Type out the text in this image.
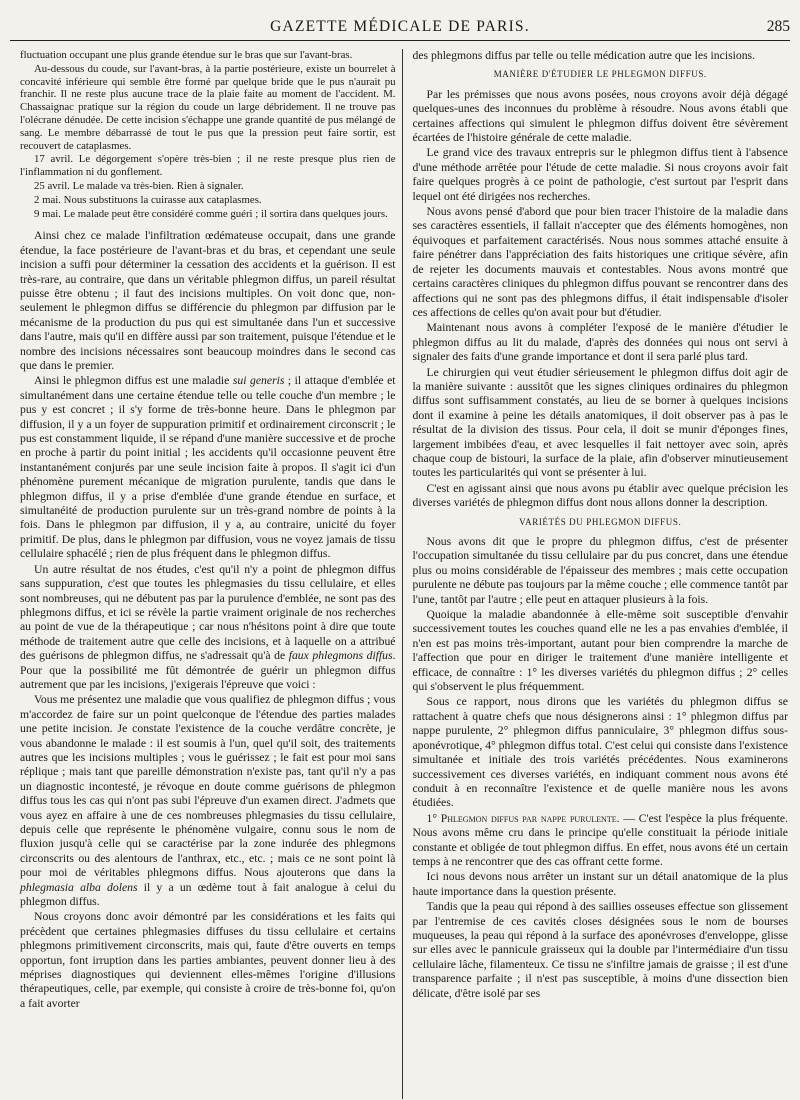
GAZETTE MÉDICALE DE PARIS.	285

fluctuation occupant une plus grande étendue sur le bras que sur l'avant-bras.

Au-dessous du coude, sur l'avant-bras, à la partie postérieure, existe un bourrelet à concavité inférieure qui semble être formé par quelque bride que le pus n'aurait pu franchir. Il ne reste plus aucune trace de la plaie faite au moment de l'accident. M. Chassaignac pratique sur la région du coude un large débridement. Il ne trouve pas l'olécrane dénudée. De cette incision s'échappe une grande quantité de pus mélangé de sang. Le membre débarrassé de tout le pus que la pression peut faire sortir, est recouvert de cataplasmes.

17 avril. Le dégorgement s'opère très-bien ; il ne reste presque plus rien de l'inflammation ni du gonflement.

25 avril. Le malade va très-bien. Rien à signaler.

2 mai. Nous substituons la cuirasse aux cataplasmes.

9 mai. Le malade peut être considéré comme guéri ; il sortira dans quelques jours.

Ainsi chez ce malade l'infiltration œdémateuse occupait, dans une grande étendue, la face postérieure de l'avant-bras et du bras, et cependant une seule incision a suffi pour déterminer la cessation des accidents et la guérison. Il est très-rare, au contraire, que dans un véritable phlegmon diffus, un pareil résultat puisse être obtenu ; il faut des incisions multiples. On voit donc que, non-seulement le phlegmon diffus se différencie du phlegmon par diffusion par le mécanisme de la production du pus qui est simultanée dans l'un et successive dans l'autre, mais qu'il en diffère aussi par son traitement, puisque l'étendue et le nombre des incisions nécessaires sont beaucoup moindres dans le second cas que dans le premier.

Ainsi le phlegmon diffus est une maladie sui generis ; il attaque d'emblée et simultanément dans une certaine étendue telle ou telle couche d'un membre ; le pus y est concret ; il s'y forme de très-bonne heure. Dans le phlegmon par diffusion, il y a un foyer de suppuration primitif et ordinairement circonscrit ; le pus est constamment liquide, il se répand d'une manière successive et de proche en proche à partir du point initial ; les accidents qu'il occasionne peuvent être instantanément conjurés par une seule incision faite à propos. Il s'agit ici d'un phénomène purement mécanique de migration purulente, tandis que dans le phlegmon diffus, il y a prise d'emblée d'une grande étendue en surface, et simultanéité de production purulente sur un très-grand nombre de points à la fois. Dans le phlegmon par diffusion, il y a, au contraire, unicité du foyer primitif. De plus, dans le phlegmon par diffusion, vous ne voyez jamais de tissu cellulaire sphacélé ; rien de plus fréquent dans le phlegmon diffus.

Un autre résultat de nos études, c'est qu'il n'y a point de phlegmon diffus sans suppuration, c'est que toutes les phlegmasies du tissu cellulaire, et elles sont nombreuses, qui ne débutent pas par la purulence d'emblée, ne sont pas des phlegmons diffus, et ici se révèle la partie vraiment originale de nos recherches au point de vue de la thérapeutique ; car nous n'hésitons point à dire que toute méthode de traitement autre que celle des incisions, et à laquelle on a attribué des guérisons de phlegmon diffus, ne s'adressait qu'à de faux phlegmons diffus. Pour que la possibilité me fût démontrée de guérir un phlegmon diffus autrement que par les incisions, j'exigerais l'épreuve que voici :

Vous me présentez une maladie que vous qualifiez de phlegmon diffus ; vous m'accordez de faire sur un point quelconque de l'étendue des parties malades une petite incision. Je constate l'existence de la couche verdâtre concrète, je vous abandonne le malade : il est soumis à l'un, quel qu'il soit, des traitements autres que les incisions multiples ; vous le guérissez ; le fait est pour moi sans réplique ; mais tant que pareille démonstration n'existe pas, tant qu'il n'y a pas un diagnostic incontesté, je révoque en doute comme guérisons de phlegmon diffus tous les cas qui n'ont pas subi l'épreuve d'un examen direct. J'admets que vous ayez en affaire à une de ces nombreuses phlegmasies du tissu cellulaire, depuis celle que représente le phénomène vulgaire, connu sous le nom de fluxion jusqu'à celle qui se caractérise par la zone indurée des phlegmons circonscrits ou des alentours de l'anthrax, etc., etc. ; mais ce ne sont point là pour moi de véritables phlegmons diffus. Nous ajouterons que dans la phlegmasia alba dolens il y a un œdème tout à fait analogue à celui du phlegmon diffus.

Nous croyons donc avoir démontré par les considérations et les faits qui précèdent que certaines phlegmasies diffuses du tissu cellulaire et certains phlegmons primitivement circonscrits, mais qui, faute d'être ouverts en temps opportun, font irruption dans les parties ambiantes, peuvent donner lieu à des méprises diagnostiques qui deviennent elles-mêmes l'origine d'illusions thérapeutiques, celle, par exemple, qui consiste à croire de très-bonne foi, qu'on a fait avorter

des phlegmons diffus par telle ou telle médication autre que les incisions.

MANIÈRE D'ÉTUDIER LE PHLEGMON DIFFUS.

Par les prémisses que nous avons posées, nous croyons avoir déjà dégagé quelques-unes des inconnues du problème à résoudre. Nous avons établi que certaines affections qui simulent le phlegmon diffus doivent être sévèrement écartées de l'histoire générale de cette maladie.

Le grand vice des travaux entrepris sur le phlegmon diffus tient à l'absence d'une méthode arrêtée pour l'étude de cette maladie. Si nous croyons avoir fait faire quelques progrès à ce point de pathologie, c'est surtout par l'esprit dans lequel ont été dirigées nos recherches.

Nous avons pensé d'abord que pour bien tracer l'histoire de la maladie dans ses caractères essentiels, il fallait n'accepter que des éléments homogènes, non équivoques et parfaitement caractérisés. Nous nous sommes attaché ensuite à faire pénétrer dans l'appréciation des faits historiques une critique sévère, afin de rejeter les documents mauvais et contestables. Nous avons montré que certains caractères cliniques du phlegmon diffus pouvant se rencontrer dans des affections qui ne sont pas des phlegmons diffus, il était indispensable d'isoler ces affections de celles qu'on avait pour but d'étudier.

Maintenant nous avons à compléter l'exposé de le manière d'étudier le phlegmon diffus au lit du malade, d'après des données qui nous ont servi à signaler des faits d'une grande importance et dont il sera parlé plus tard.

Le chirurgien qui veut étudier sérieusement le phlegmon diffus doit agir de la manière suivante : aussitôt que les signes cliniques ordinaires du phlegmon diffus sont suffisamment constatés, au lieu de se borner à quelques incisions dont il examine à peine les détails anatomiques, il doit observer pas à pas le résultat de la division des tissus. Pour cela, il doit se munir d'éponges fines, largement imbibées d'eau, et avec lesquelles il fait nettoyer avec soin, après chaque coup de bistouri, la surface de la plaie, afin d'observer minutieusement toutes les particularités qui vont se présenter à lui.

C'est en agissant ainsi que nous avons pu établir avec quelque précision les diverses variétés de phlegmon diffus dont nous allons donner la description.

VARIÉTÉS DU PHLEGMON DIFFUS.

Nous avons dit que le propre du phlegmon diffus, c'est de présenter l'occupation simultanée du tissu cellulaire par du pus concret, dans une étendue plus ou moins considérable de l'épaisseur des membres ; mais cette occupation purulente ne débute pas toujours par la même couche ; elle commence tantôt par l'une, tantôt par l'autre ; elle peut en attaquer plusieurs à la fois.

Quoique la maladie abandonnée à elle-même soit susceptible d'envahir successivement toutes les couches quand elle ne les a pas envahies d'emblée, il n'en est pas moins très-important, autant pour bien comprendre la marche de l'affection que pour en diriger le traitement d'une manière intelligente et efficace, de connaître : 1° les diverses variétés du phlegmon diffus ; 2° celles qui s'observent le plus fréquemment.

Sous ce rapport, nous dirons que les variétés du phlegmon diffus se rattachent à quatre chefs que nous désignerons ainsi : 1° phlegmon diffus par nappe purulente, 2° phlegmon diffus panniculaire, 3° phlegmon diffus sous-aponévrotique, 4° phlegmon diffus total. C'est celui qui consiste dans l'existence simultanée et initiale des trois variétés précédentes. Nous examinerons successivement ces diverses variétés, en indiquant comment nous avons été conduit à en reconnaître l'existence et de quelle manière nous les avons étudiées.

1° Phlegmon diffus par nappe purulente. — C'est l'espèce la plus fréquente. Nous avons même cru dans le principe qu'elle constituait la période initiale constante et obligée de tout phlegmon diffus. En effet, nous avons été un certain temps à ne rencontrer que des cas offrant cette forme.

Ici nous devons nous arrêter un instant sur un détail anatomique de la plus haute importance dans la question présente.

Tandis que la peau qui répond à des saillies osseuses effectue son glissement par l'entremise de ces cavités closes désignées sous le nom de bourses muqueuses, la peau qui répond à la surface des aponévroses d'enveloppe, glisse sur elles avec le pannicule graisseux qui la double par l'intermédiaire d'un tissu cellulaire lâche, filamenteux. Ce tissu ne s'infiltre jamais de graisse ; il est d'une transparence parfaite ; il n'est pas susceptible, à moins d'une dissection bien délicate, d'être isolé par ses
